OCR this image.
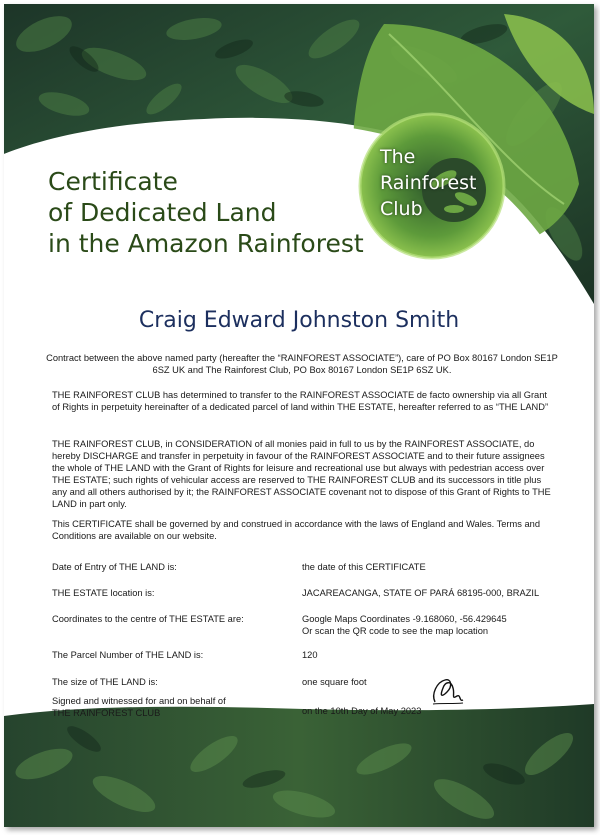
Certificate
of Dedicated Land
in the Amazon Rainforest
The
Rainforest
Club
Craig Edward Johnston Smith

Contract between the above named party (hereafter the “RAINFOREST ASSOCIATE”), care of PO Box 80167 London SE1P 6SZ UK and The Rainforest Club, PO Box 80167 London SE1P 6SZ UK.

THE RAINFOREST CLUB has determined to transfer to the RAINFOREST ASSOCIATE de facto ownership via all Grant of Rights in perpetuity hereinafter of a dedicated parcel of land within THE ESTATE, hereafter referred to as “THE LAND”

THE RAINFOREST CLUB, in CONSIDERATION of all monies paid in full to us by the RAINFOREST ASSOCIATE, do hereby DISCHARGE and transfer in perpetuity in favour of the RAINFOREST ASSOCIATE and to their future assignees the whole of THE LAND with the Grant of Rights for leisure and recreational use but always with pedestrian access over THE ESTATE; such rights of vehicular access are reserved to THE RAINFOREST CLUB and its successors in title plus any and all others authorised by it; the RAINFOREST ASSOCIATE covenant not to dispose of this Grant of Rights to THE LAND in part only.

This CERTIFICATE shall be governed by and construed in accordance with the laws of England and Wales. Terms and Conditions are available on our website.

Date of Entry of THE LAND is:	the date of this CERTIFICATE
THE ESTATE location is:	JACAREACANGA, STATE OF PARÁ 68195-000, BRAZIL
Coordinates to the centre of THE ESTATE are:	Google Maps Coordinates -9.168060, -56.429645
Or scan the QR code to see the map location
The Parcel Number of THE LAND is:	120
The size of THE LAND is:	one square foot
Signed and witnessed for and on behalf of
THE RAINFOREST CLUB	on the 10th Day of May 2023
